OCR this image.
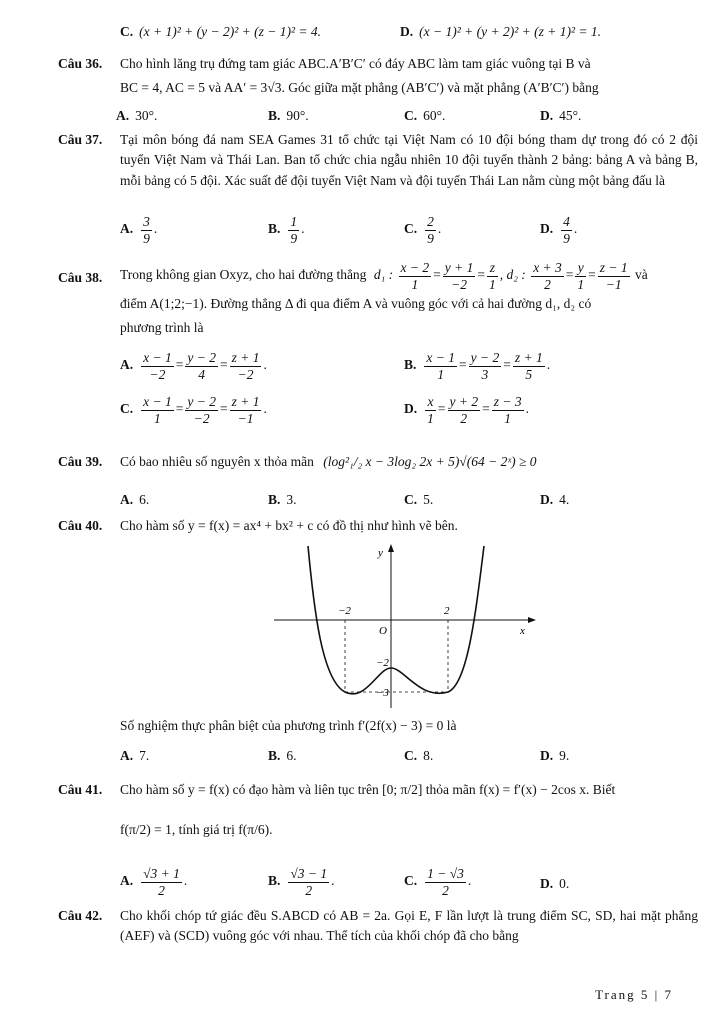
C. (x + 1)² + (y − 2)² + (z − 1)² = 4.	D. (x − 1)² + (y + 2)² + (z + 1)² = 1.
Câu 36. Cho hình lăng trụ đứng tam giác ABC.A′B′C′ có đáy ABC làm tam giác vuông tại B và
BC = 4, AC = 5 và AA′ = 3√3. Góc giữa mặt phẳng (AB′C′) và mặt phẳng (A′B′C′) bằng
A. 30°.	B. 90°.	C. 60°.	D. 45°.
Câu 37. Tại môn bóng đá nam SEA Games 31 tổ chức tại Việt Nam có 10 đội bóng tham dự trong đó có 2 đội tuyển Việt Nam và Thái Lan. Ban tổ chức chia ngẫu nhiên 10 đội tuyển thành 2 bảng: bảng A và bảng B, mỗi bảng có 5 đội. Xác suất để đội tuyển Việt Nam và đội tuyển Thái Lan nằm cùng một bảng đấu là
A. $\frac{3}{9}$ .	B. $\frac{1}{9}$ .	C. $\frac{2}{9}$ .	D. $\frac{4}{9}$ .
Câu 38.	Trong không gian Oxyz, cho hai đường thẳng d₁ : $\frac{x - 2}{1} = \frac{y + 1}{-2} = \frac{z}{1}$ , d₂ : $\frac{x + 3}{2} = \frac{y}{1} = \frac{z - 1}{-1}$ và
điểm A(1;2;−1). Đường thẳng Δ đi qua điểm A và vuông góc với cả hai đường d₁, d₂ có
phương trình là
A. $\frac{x - 1}{-2} = \frac{y - 2}{4} = \frac{z + 1}{-2}$ .	B. $\frac{x - 1}{1} = \frac{y - 2}{3} = \frac{z + 1}{5}$ .
C. $\frac{x - 1}{1} = \frac{y - 2}{-2} = \frac{z + 1}{-1}$ .	D. $\frac{x}{1} = \frac{y + 2}{2} = \frac{z - 3}{1}$ .
Câu 39. Có bao nhiêu số nguyên x thỏa mãn (log²₁/₂ x − 3log₂ 2x + 5)√(64 − 2ˣ) ≥ 0
A. 6.	B. 3.	C. 5.	D. 4.
Câu 40. Cho hàm số y = f(x) = ax⁴ + bx² + c có đồ thị như hình vẽ bên.
y
x
O
−2	2
−2
−3
Số nghiệm thực phân biệt của phương trình f′(2f(x) − 3) = 0 là
A. 7.	B. 6.	C. 8.	D. 9.
Câu 41. Cho hàm số y = f(x) có đạo hàm và liên tục trên [0; π/2] thỏa mãn f(x) = f′(x) − 2cos x. Biết
f(π/2) = 1, tính giá trị f(π/6).
A. $\frac{√3 + 1}{2}$ .	B. $\frac{√3 - 1}{2}$ .	C. $\frac{1 - √3}{2}$ .	D. 0.
Câu 42. Cho khối chóp tứ giác đều S.ABCD có AB = 2a. Gọi E, F lần lượt là trung điểm SC, SD, hai mặt phẳng (AEF) và (SCD) vuông góc với nhau. Thể tích của khối chóp đã cho bằng
Trang 5 | 7
